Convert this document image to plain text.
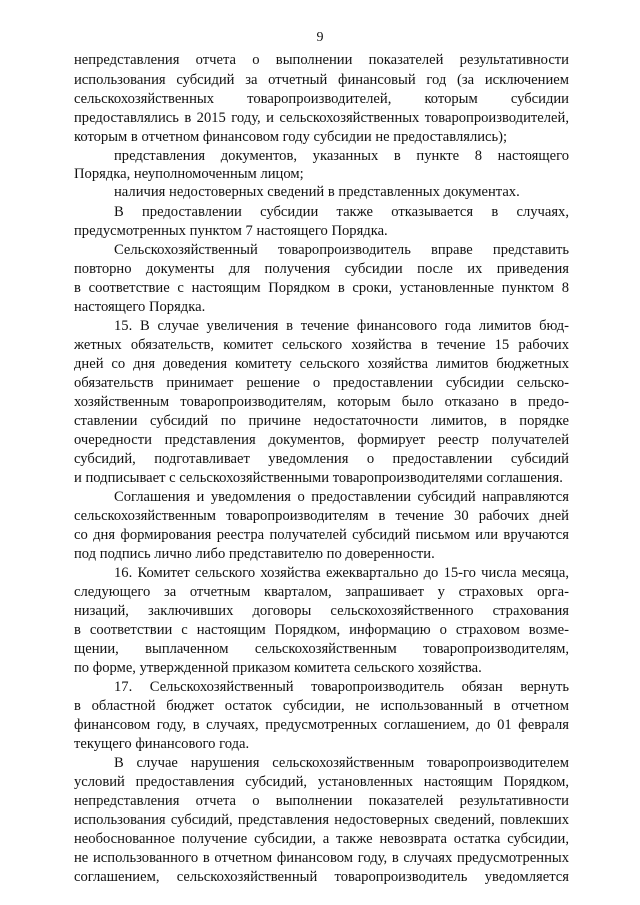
9
непредставления отчета о выполнении показателей результативности
использования субсидий за отчетный финансовый год (за исключением
сельскохозяйственных товаропроизводителей, которым субсидии
предоставлялись в 2015 году, и сельскохозяйственных товаропроизводителей,
которым в отчетном финансовом году субсидии не предоставлялись);
представления документов, указанных в пункте 8 настоящего
Порядка, неуполномоченным лицом;
наличия недостоверных сведений в представленных документах.
В предоставлении субсидии также отказывается в случаях,
предусмотренных пунктом 7 настоящего Порядка.
Сельскохозяйственный товаропроизводитель вправе представить
повторно документы для получения субсидии после их приведения
в соответствие с настоящим Порядком в сроки, установленные пунктом 8
настоящего Порядка.
15. В случае увеличения в течение финансового года лимитов бюд-
жетных обязательств, комитет сельского хозяйства в течение 15 рабочих
дней со дня доведения комитету сельского хозяйства лимитов бюджетных
обязательств принимает решение о предоставлении субсидии сельско-
хозяйственным товаропроизводителям, которым было отказано в предо-
ставлении субсидий по причине недостаточности лимитов, в порядке
очередности представления документов, формирует реестр получателей
субсидий, подготавливает уведомления о предоставлении субсидий
и подписывает с сельскохозяйственными товаропроизводителями соглашения.
Соглашения и уведомления о предоставлении субсидий направляются
сельскохозяйственным товаропроизводителям в течение 30 рабочих дней
со дня формирования реестра получателей субсидий письмом или вручаются
под подпись лично либо представителю по доверенности.
16. Комитет сельского хозяйства ежеквартально до 15-го числа месяца,
следующего за отчетным кварталом, запрашивает у страховых орга-
низаций, заключивших договоры сельскохозяйственного страхования
в соответствии с настоящим Порядком, информацию о страховом возме-
щении, выплаченном сельскохозяйственным товаропроизводителям,
по форме, утвержденной приказом комитета сельского хозяйства.
17. Сельскохозяйственный товаропроизводитель обязан вернуть
в областной бюджет остаток субсидии, не использованный в отчетном
финансовом году, в случаях, предусмотренных соглашением, до 01 февраля
текущего финансового года.
В случае нарушения сельскохозяйственным товаропроизводителем
условий предоставления субсидий, установленных настоящим Порядком,
непредставления отчета о выполнении показателей результативности
использования субсидий, представления недостоверных сведений, повлекших
необоснованное получение субсидии, а также невозврата остатка субсидии,
не использованного в отчетном финансовом году, в случаях предусмотренных
соглашением, сельскохозяйственный товаропроизводитель уведомляется
